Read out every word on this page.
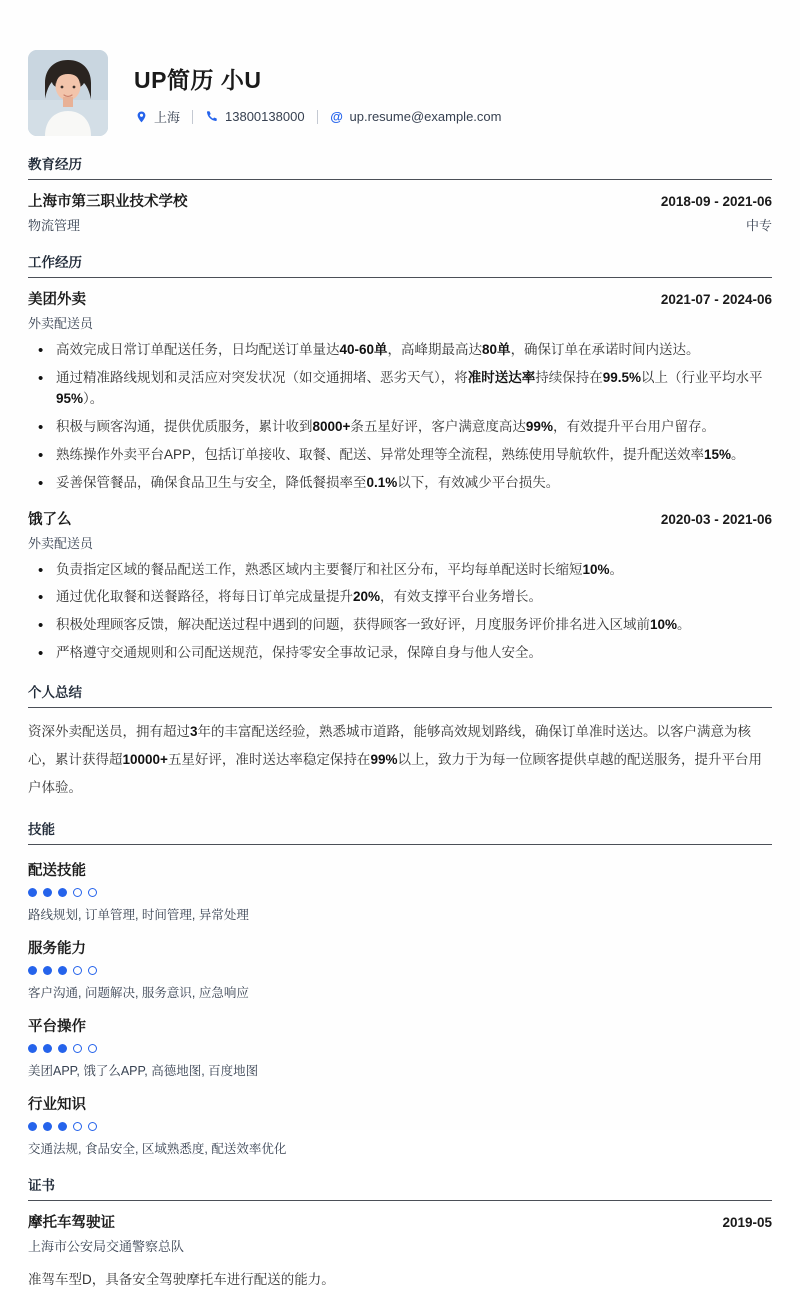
UP简历 小U
上海	13800138000 @ up.resume@example.com
教育经历
上海市第三职业技术学校	2018-09 - 2021-06
物流管理	中专
工作经历
美团外卖	2021-07 - 2024-06
外卖配送员
• 高效完成日常订单配送任务，日均配送订单量达40-60单，高峰期最高达80单，确保订单在承诺时间内送达。
• 通过精准路线规划和灵活应对突发状况（如交通拥堵、恶劣天气），将准时送达率持续保持在99.5%以上（行业平均水平95%）。
• 积极与顾客沟通，提供优质服务，累计收到8000+条五星好评，客户满意度高达99%，有效提升平台用户留存。
• 熟练操作外卖平台APP，包括订单接收、取餐、配送、异常处理等全流程，熟练使用导航软件，提升配送效率15%。
• 妥善保管餐品，确保食品卫生与安全，降低餐损率至0.1%以下，有效减少平台损失。
饿了么	2020-03 - 2021-06
外卖配送员
• 负责指定区域的餐品配送工作，熟悉区域内主要餐厅和社区分布，平均每单配送时长缩短10%。
• 通过优化取餐和送餐路径，将每日订单完成量提升20%，有效支撑平台业务增长。
• 积极处理顾客反馈，解决配送过程中遇到的问题，获得顾客一致好评，月度服务评价排名进入区域前10%。
• 严格遵守交通规则和公司配送规范，保持零安全事故记录，保障自身与他人安全。
个人总结

资深外卖配送员，拥有超过3年的丰富配送经验，熟悉城市道路，能够高效规划路线，确保订单准时送达。以客户满意为核心，累计获得超10000+五星好评，准时送达率稳定保持在99%以上，致力于为每一位顾客提供卓越的配送服务，提升平台用户体验。

技能
配送技能
路线规划, 订单管理, 时间管理, 异常处理
服务能力
客户沟通, 问题解决, 服务意识, 应急响应
平台操作
美团APP, 饿了么APP, 高德地图, 百度地图
行业知识
交通法规, 食品安全, 区域熟悉度, 配送效率优化
证书
摩托车驾驶证	2019-05
上海市公安局交通警察总队
准驾车型D，具备安全驾驶摩托车进行配送的能力。
